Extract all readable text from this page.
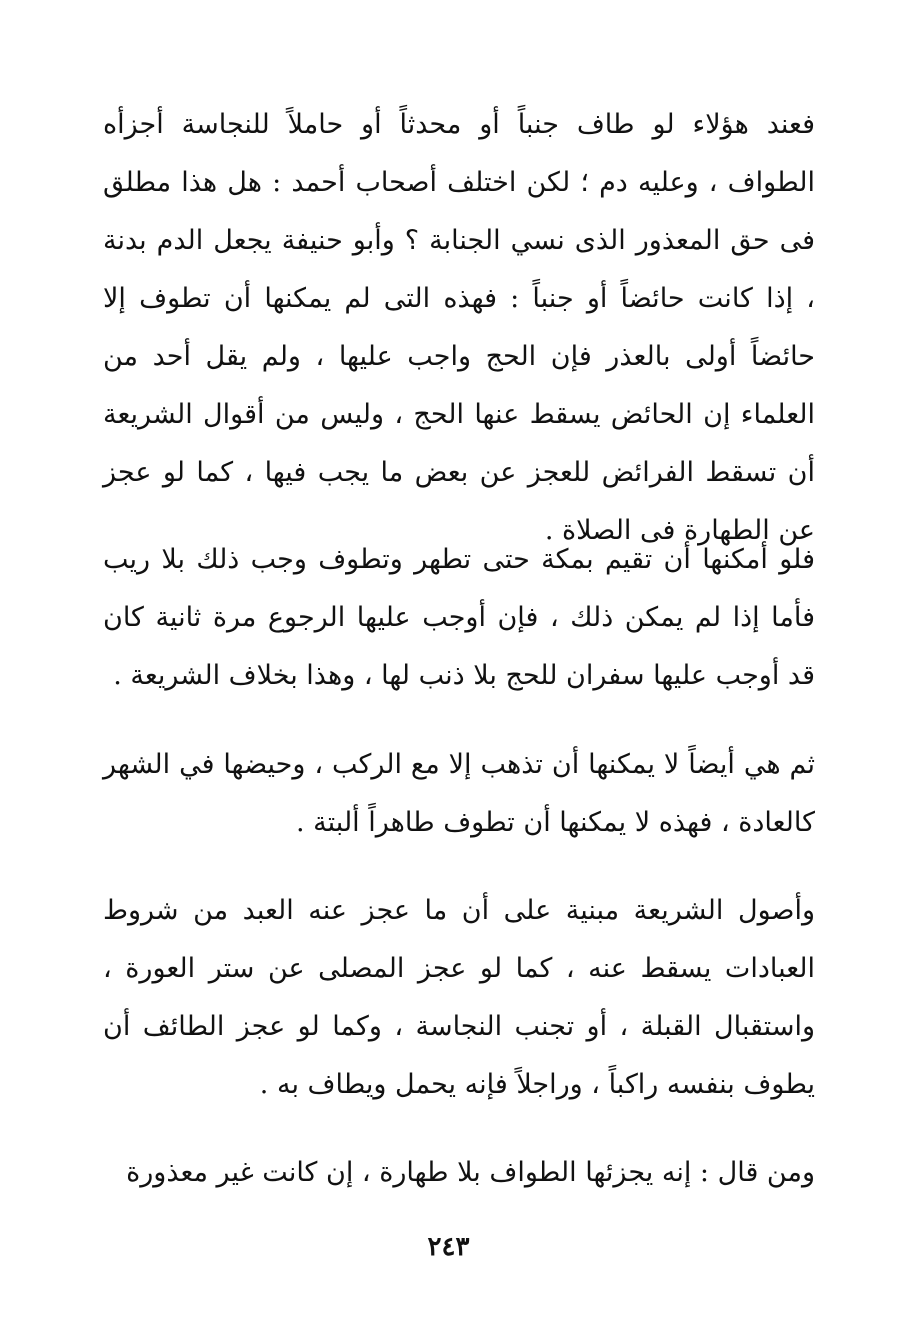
فعند هؤلاء لو طاف جنباً أو محدثاً أو حاملاً للنجاسة أجزأه الطواف ، وعليه دم ؛ لكن اختلف أصحاب أحمد : هل هذا مطلق فى حق المعذور الذى نسي الجنابة ؟ وأبو حنيفة يجعل الدم بدنة ، إذا كانت حائضاً أو جنباً : فهذه التى لم يمكنها أن تطوف إلا حائضاً أولى بالعذر فإن الحج واجب عليها ، ولم يقل أحد من العلماء إن الحائض يسقط عنها الحج ، وليس من أقوال الشريعة أن تسقط الفرائض للعجز عن بعض ما يجب فيها ، كما لو عجز عن الطهارة فى الصلاة .

فلو أمكنها أن تقيم بمكة حتى تطهر وتطوف وجب ذلك بلا ريب فأما إذا لم يمكن ذلك ، فإن أوجب عليها الرجوع مرة ثانية كان قد أوجب عليها سفران للحج بلا ذنب لها ، وهذا بخلاف الشريعة .

ثم هي أيضاً لا يمكنها أن تذهب إلا مع الركب ، وحيضها في الشهر كالعادة ، فهذه لا يمكنها أن تطوف طاهراً ألبتة .

وأصول الشريعة مبنية على أن ما عجز عنه العبد من شروط العبادات يسقط عنه ، كما لو عجز المصلى عن ستر العورة ، واستقبال القبلة ، أو تجنب النجاسة ، وكما لو عجز الطائف أن يطوف بنفسه راكباً ، وراجلاً فإنه يحمل ويطاف به .

ومن قال : إنه يجزئها الطواف بلا طهارة ، إن كانت غير معذورة

٢٤٣
